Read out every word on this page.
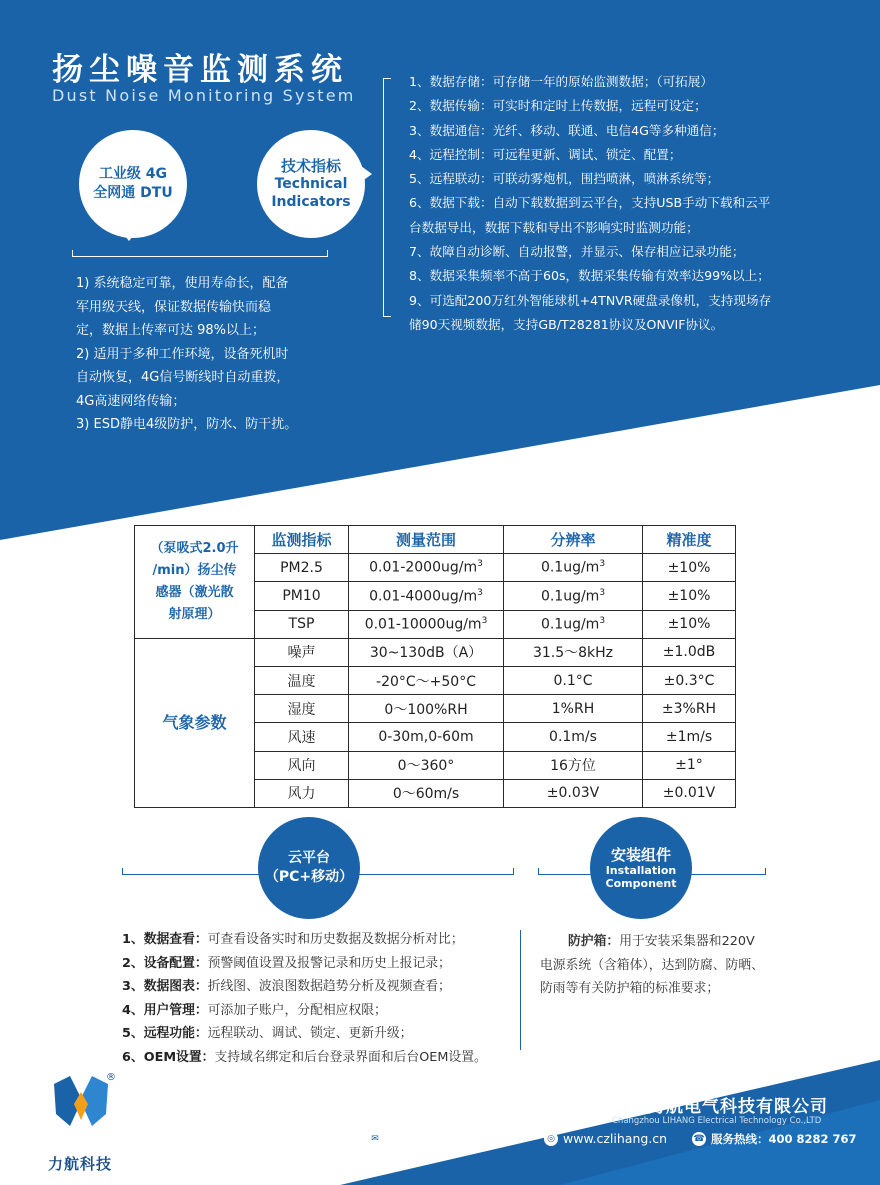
扬尘噪音监测系统
Dust Noise Monitoring System
工业级 4G
全网通 DTU
技术指标
Technical
Indicators
1) 系统稳定可靠，使用寿命长，配备
军用级天线，保证数据传输快而稳
定，数据上传率可达 98%以上；
2) 适用于多种工作环境，设备死机时
自动恢复，4G信号断线时自动重拨，
4G高速网络传输；
3) ESD静电4级防护，防水、防干扰。
1、数据存储：可存储一年的原始监测数据；（可拓展）
2、数据传输：可实时和定时上传数据，远程可设定；
3、数据通信：光纤、移动、联通、电信4G等多种通信；
4、远程控制：可远程更新、调试、锁定、配置；
5、远程联动：可联动雾炮机，围挡喷淋，喷淋系统等；
6、数据下载：自动下载数据到云平台，支持USB手动下载和云平
台数据导出，数据下载和导出不影响实时监测功能；
7、故障自动诊断、自动报警，并显示、保存相应记录功能；
8、数据采集频率不高于60s，数据采集传输有效率达99%以上；
9、可选配200万红外智能球机+4TNVR硬盘录像机，支持现场存
储90天视频数据，支持GB/T28281协议及ONVIF协议。
（泵吸式2.0升
/min）扬尘传
感器（激光散
射原理）	监测指标	测量范围	分辨率	精准度
	PM2.5	$0.01-2000ug/m^3$	$0.1ug/m^3$	±10%
	PM10	$0.01-4000ug/m^3$	$0.1ug/m^3$	±10%
	TSP	$0.01-10000ug/m^3$	$0.1ug/m^3$	±10%
气象参数	噪声	30~130dB（A）	31.5～8kHz	±1.0dB
	温度	-20°C～+50°C	0.1°C	±0.3°C
	湿度	0～100%RH	1%RH	±3%RH
	风速	0-30m,0-60m	0.1m/s	±1m/s
	风向	0～360°	16方位	±1°
	风力	0～60m/s	±0.03V	±0.01V
云平台
（PC+移动）
1、数据查看：可查看设备实时和历史数据及数据分析对比；
2、设备配置：预警阈值设置及报警记录和历史上报记录；
3、数据图表：折线图、波浪图数据趋势分析及视频查看；
4、用户管理：可添加子账户，分配相应权限；
5、远程功能：远程联动、调试、锁定、更新升级；
6、OEM设置：支持域名绑定和后台登录界面和后台OEM设置。
安装组件
Installation
Component
防护箱：用于安装采集器和220V
电源系统（含箱体），达到防腐、防晒、
防雨等有关防护箱的标准要求；
®
力航科技
常州力航电气科技有限公司
Changzhou LIHANG Electrical Technology Co.,LTD
✉ czlhkj2010@163.com	◎ www.czlihang.cn	☎ 服务热线： 400 8282 767
